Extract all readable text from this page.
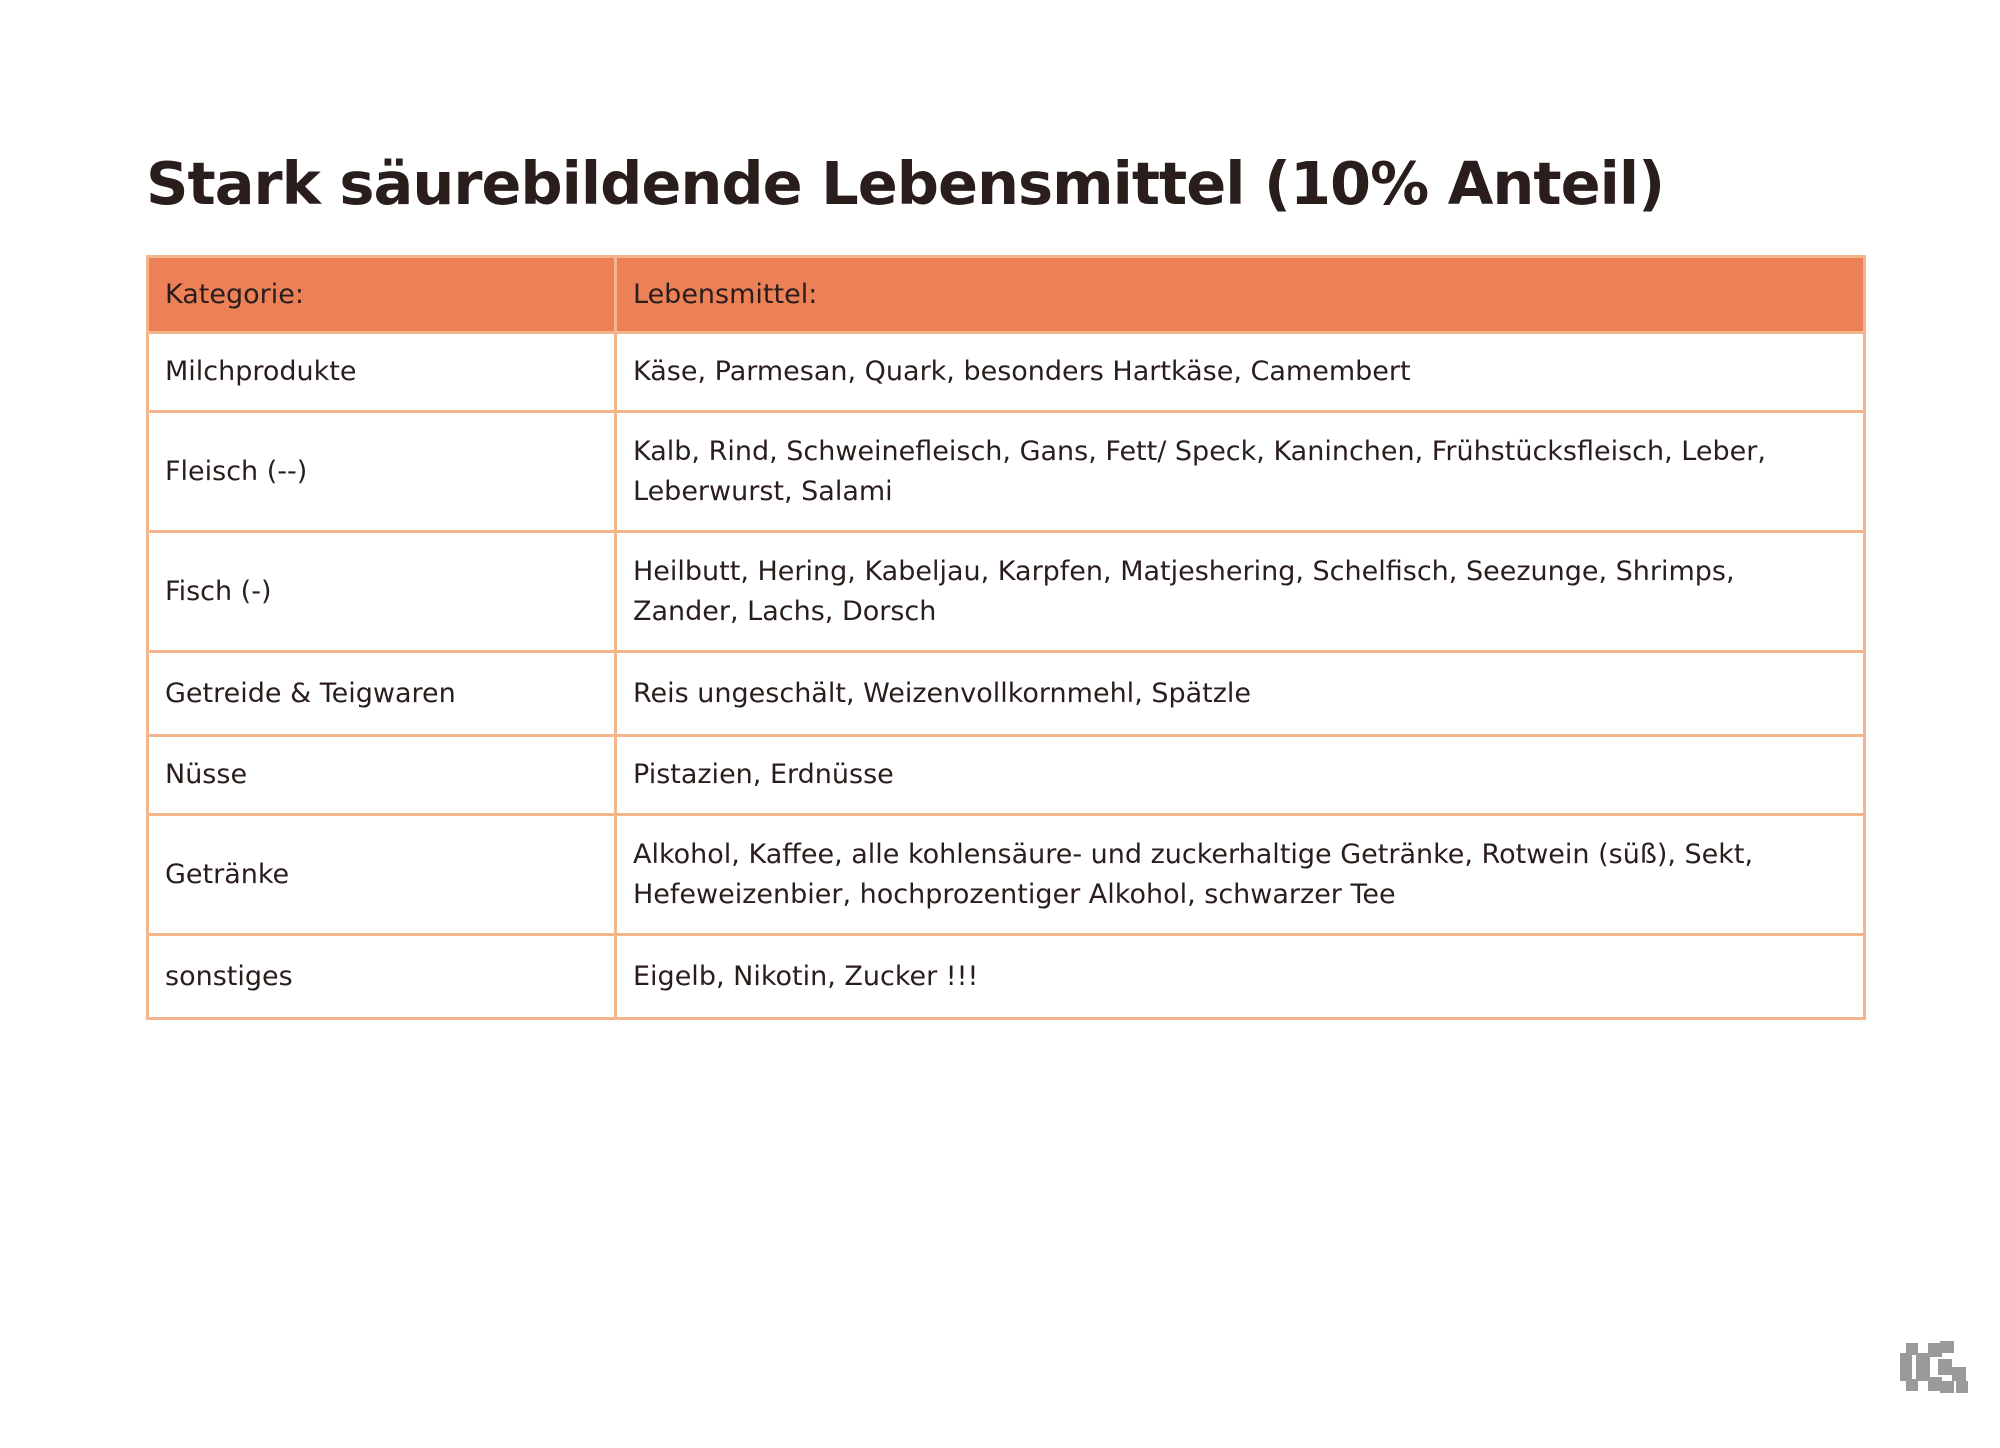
Stark säurebildende Lebensmittel (10% Anteil)
Kategorie:	Lebensmittel:
Milchprodukte	Käse, Parmesan, Quark, besonders Hartkäse, Camembert
Fleisch (--)	Kalb, Rind, Schweinefleisch, Gans, Fett/ Speck, Kaninchen, Frühstücksfleisch, Leber, Leberwurst, Salami
Fisch (-)	Heilbutt, Hering, Kabeljau, Karpfen, Matjeshering, Schelfisch, Seezunge, Shrimps, Zander, Lachs, Dorsch
Getreide & Teigwaren	Reis ungeschält, Weizenvollkornmehl, Spätzle
Nüsse	Pistazien, Erdnüsse
Getränke	Alkohol, Kaffee, alle kohlensäure- und zuckerhaltige Getränke, Rotwein (süß), Sekt, Hefeweizenbier, hochprozentiger Alkohol, schwarzer Tee
sonstiges	Eigelb, Nikotin, Zucker !!!
